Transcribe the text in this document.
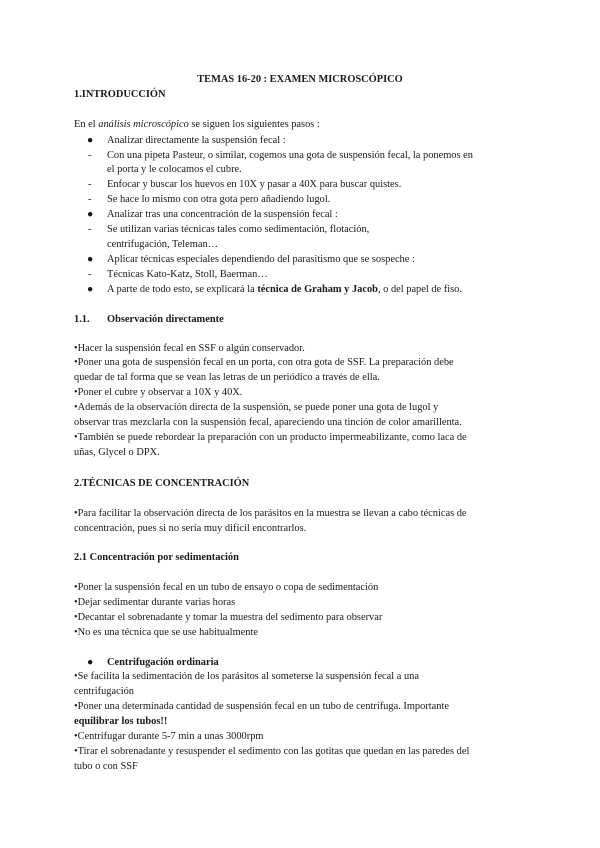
TEMAS 16-20 : EXAMEN MICROSCÓPICO
1.INTRODUCCIÓN
En el análisis microscópico se siguen los siguientes pasos :
● Analizar directamente la suspensión fecal :
- Con una pipeta Pasteur, o similar, cogemos una gota de suspensión fecal, la ponemos en
el porta y le colocamos el cubre.
- Enfocar y buscar los huevos en 10X y pasar a 40X para buscar quistes.
- Se hace lo mismo con otra gota pero añadiendo lugol.
● Analizar tras una concentración de la suspensión fecal :
- Se utilizan varias técnicas tales como sedimentación, flotación,
centrifugación, Teleman…
● Aplicar técnicas especiales dependiendo del parasitismo que se sospeche :
- Técnicas Kato-Katz, Stoll, Baerman…
● A parte de todo esto, se explicará la técnica de Graham y Jacob, o del papel de fiso.
1.1. Observación directamente
•Hacer la suspensión fecal en SSF o algún conservador.
•Poner una gota de suspensión fecal en un porta, con otra gota de SSF. La preparación debe
quedar de tal forma que se vean las letras de un periódico a través de ella.
•Poner el cubre y observar a 10X y 40X.
•Además de la observación directa de la suspensión, se puede poner una gota de lugol y
observar tras mezclarla con la suspensión fecal, apareciendo una tinción de color amarillenta.
•También se puede rebordear la preparación con un producto impermeabilizante, como laca de
uñas, Glycel o DPX.
2.TÉCNICAS DE CONCENTRACIÓN
•Para facilitar la observación directa de los parásitos en la muestra se llevan a cabo técnicas de
concentración, pues si no sería muy difícil encontrarlos.
2.1 Concentración por sedimentación
•Poner la suspensión fecal en un tubo de ensayo o copa de sedimentación
•Dejar sedimentar durante varias horas
•Decantar el sobrenadante y tomar la muestra del sedimento para observar
•No es una técnica que se use habitualmente
● Centrifugación ordinaria
•Se facilita la sedimentación de los parásitos al someterse la suspensión fecal a una
centrifugación
•Poner una determinada cantidad de suspensión fecal en un tubo de centrífuga. Importante
equilibrar los tubos!!
•Centrifugar durante 5-7 min a unas 3000rpm
•Tirar el sobrenadante y resuspender el sedimento con las gotitas que quedan en las paredes del
tubo o con SSF
